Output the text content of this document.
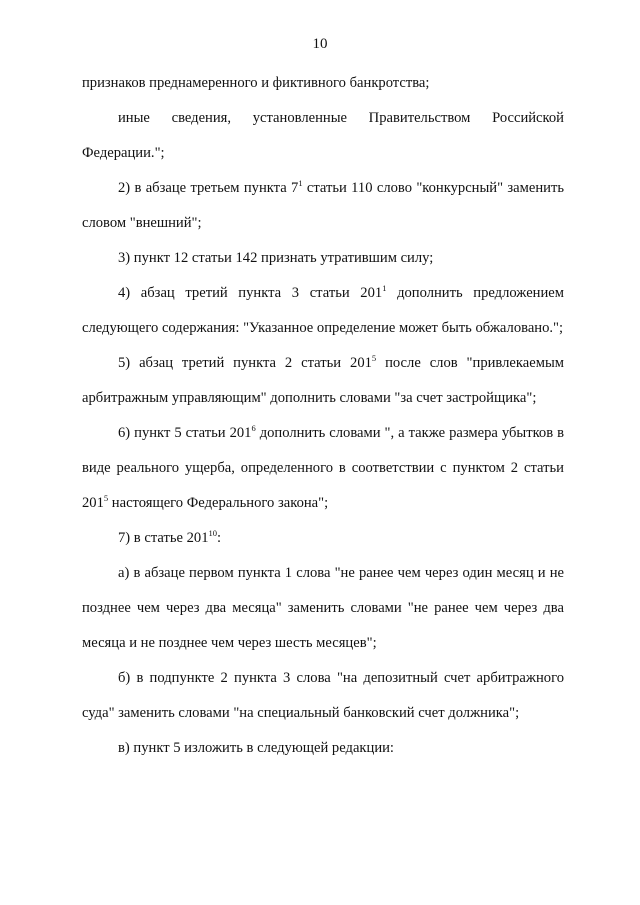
10

признаков преднамеренного и фиктивного банкротства;

иные сведения, установленные Правительством Российской Федерации.";

2) в абзаце третьем пункта $7^1$ статьи 110 слово "конкурсный" заменить словом "внешний";

3) пункт 12 статьи 142 признать утратившим силу;

4) абзац третий пункта 3 статьи $201^1$ дополнить предложением следующего содержания: "Указанное определение может быть обжаловано.";

5) абзац третий пункта 2 статьи $201^5$ после слов "привлекаемым арбитражным управляющим" дополнить словами "за счет застройщика";

6) пункт 5 статьи $201^6$ дополнить словами ", а также размера убытков в виде реального ущерба, определенного в соответствии с пунктом 2 статьи $201^5$ настоящего Федерального закона";

7) в статье $201^{10}$:

а) в абзаце первом пункта 1 слова "не ранее чем через один месяц и не позднее чем через два месяца" заменить словами "не ранее чем через два месяца и не позднее чем через шесть месяцев";

б) в подпункте 2 пункта 3 слова "на депозитный счет арбитражного суда" заменить словами "на специальный банковский счет должника";

в) пункт 5 изложить в следующей редакции:
